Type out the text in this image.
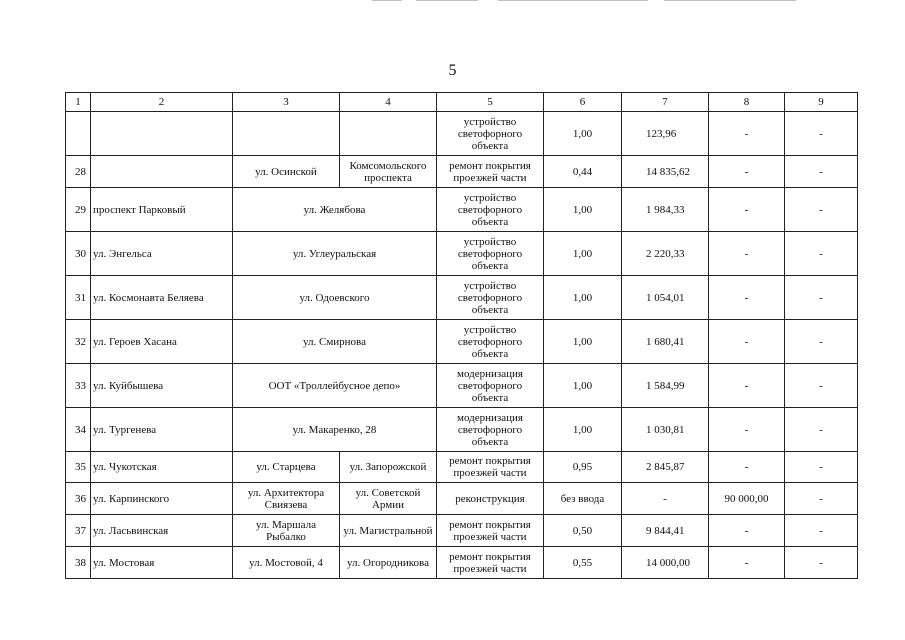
5
1	2	3	4	5	6	7	8	9
				устройство светофорного объекта	1,00	123,96	-	-
28		ул. Осинской	Комсомольского проспекта	ремонт покрытия проезжей части	0,44	14 835,62	-	-
29	проспект Парковый	ул. Желябова		устройство светофорного объекта	1,00	1 984,33	-	-
30	ул. Энгельса	ул. Углеуральская		устройство светофорного объекта	1,00	2 220,33	-	-
31	ул. Космонавта Беляева	ул. Одоевского		устройство светофорного объекта	1,00	1 054,01	-	-
32	ул. Героев Хасана	ул. Смирнова		устройство светофорного объекта	1,00	1 680,41	-	-
33	ул. Куйбышева	ООТ «Троллейбусное депо»		модернизация светофорного объекта	1,00	1 584,99	-	-
34	ул. Тургенева	ул. Макаренко, 28		модернизация светофорного объекта	1,00	1 030,81	-	-
35	ул. Чукотская	ул. Старцева	ул. Запорожской	ремонт покрытия проезжей части	0,95	2 845,87	-	-
36	ул. Карпинского	ул. Архитектора Свиязева	ул. Советской Армии	реконструкция	без ввода	-	90 000,00	-
37	ул. Ласьвинская	ул. Маршала Рыбалко	ул. Магистральной	ремонт покрытия проезжей части	0,50	9 844,41	-	-
38	ул. Мостовая	ул. Мостовой, 4	ул. Огородникова	ремонт покрытия проезжей части	0,55	14 000,00	-	-
